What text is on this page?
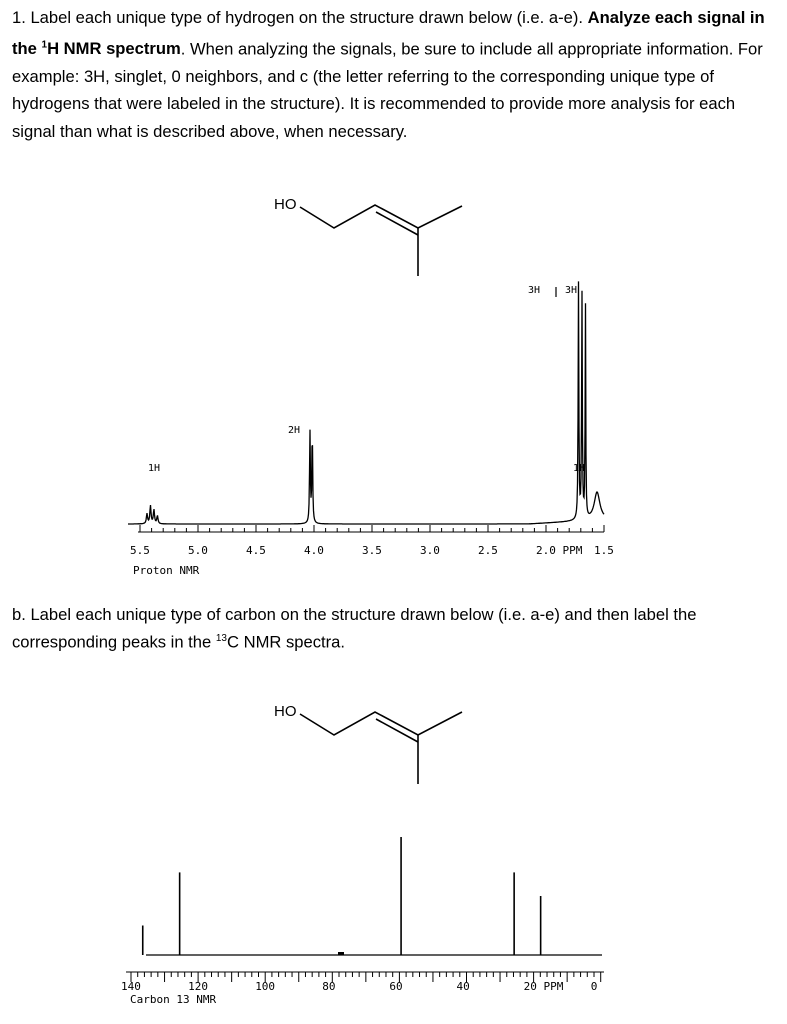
1. Label each unique type of hydrogen on the structure drawn below (i.e. a-e). Analyze each signal in the $^1$H NMR spectrum. When analyzing the signals, be sure to include all appropriate information. For example: 3H, singlet, 0 neighbors, and c (the letter referring to the corresponding unique type of hydrogens that were labeled in the structure). It is recommended to provide more analysis for each signal than what is described above, when necessary.
HO
1H
2H
3H 3H
1H
5.5	5.0	4.5	4.0	3.5	3.0	2.5	2.0 PPM 1.5
Proton NMR
b. Label each unique type of carbon on the structure drawn below (i.e. a-e) and then label the corresponding peaks in the $^{13}$C NMR spectra.
HO
140	120	100	80	60	40	20 PPM 0
Carbon 13 NMR
